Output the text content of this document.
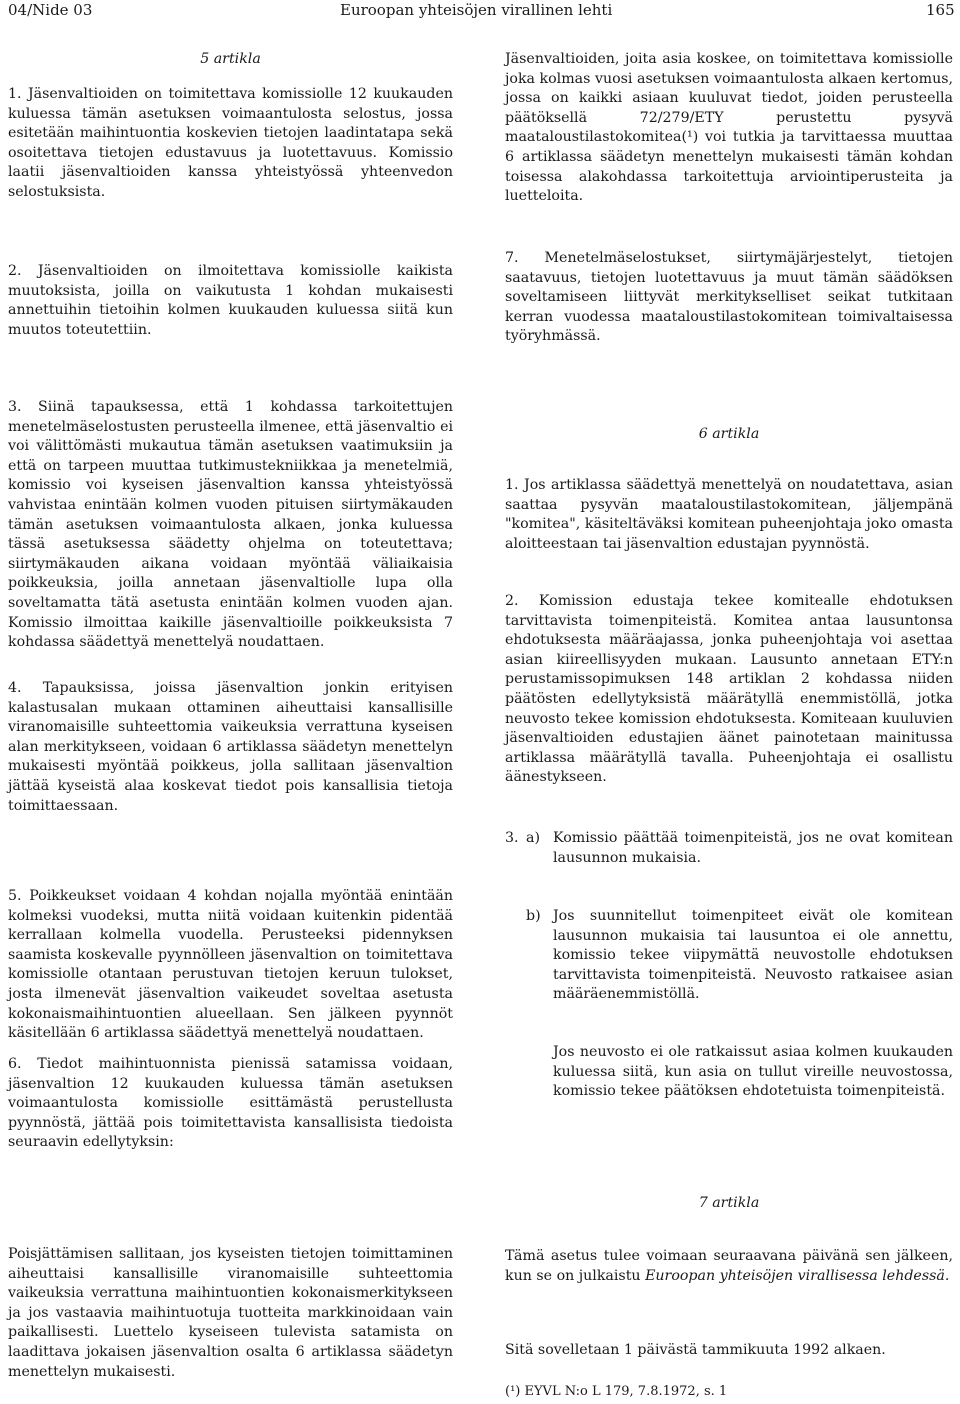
04/Nide 03	Euroopan yhteisöjen virallinen lehti	165

5 artikla

1. Jäsenvaltioiden on toimitettava komissiolle 12 kuukauden kuluessa tämän asetuksen voimaantulosta selostus, jossa esitetään maihintuontia koskevien tietojen laadintatapa sekä osoitettava tietojen edustavuus ja luotettavuus. Komissio laatii jäsenvaltioiden kanssa yhteistyössä yhteenvedon selostuksista.

2. Jäsenvaltioiden on ilmoitettava komissiolle kaikista muutoksista, joilla on vaikutusta 1 kohdan mukaisesti annettuihin tietoihin kolmen kuukauden kuluessa siitä kun muutos toteutettiin.

3. Siinä tapauksessa, että 1 kohdassa tarkoitettujen menetelmäselostusten perusteella ilmenee, että jäsenvaltio ei voi välittömästi mukautua tämän asetuksen vaatimuksiin ja että on tarpeen muuttaa tutkimustekniikkaa ja menetelmiä, komissio voi kyseisen jäsenvaltion kanssa yhteistyössä vahvistaa enintään kolmen vuoden pituisen siirtymäkauden tämän asetuksen voimaantulosta alkaen, jonka kuluessa tässä asetuksessa säädetty ohjelma on toteutettava; siirtymäkauden aikana voidaan myöntää väliaikaisia poikkeuksia, joilla annetaan jäsenvaltiolle lupa olla soveltamatta tätä asetusta enintään kolmen vuoden ajan. Komissio ilmoittaa kaikille jäsenvaltioille poikkeuksista 7 kohdassa säädettyä menettelyä noudattaen.

4. Tapauksissa, joissa jäsenvaltion jonkin erityisen kalastusalan mukaan ottaminen aiheuttaisi kansallisille viranomaisille suhteettomia vaikeuksia verrattuna kyseisen alan merkitykseen, voidaan 6 artiklassa säädetyn menettelyn mukaisesti myöntää poikkeus, jolla sallitaan jäsenvaltion jättää kyseistä alaa koskevat tiedot pois kansallisia tietoja toimittaessaan.

5. Poikkeukset voidaan 4 kohdan nojalla myöntää enintään kolmeksi vuodeksi, mutta niitä voidaan kuitenkin pidentää kerrallaan kolmella vuodella. Perusteeksi pidennyksen saamista koskevalle pyynnölleen jäsenvaltion on toimitettava komissiolle otantaan perustuvan tietojen keruun tulokset, josta ilmenevät jäsenvaltion vaikeudet soveltaa asetusta kokonaismaihintuontien alueellaan. Sen jälkeen pyynnöt käsitellään 6 artiklassa säädettyä menettelyä noudattaen.

6. Tiedot maihintuonnista pienissä satamissa voidaan, jäsenvaltion 12 kuukauden kuluessa tämän asetuksen voimaantulosta komissiolle esittämästä perustellusta pyynnöstä, jättää pois toimitettavista kansallisista tiedoista seuraavin edellytyksin:

Poisjättämisen sallitaan, jos kyseisten tietojen toimittaminen aiheuttaisi kansallisille viranomaisille suhteettomia vaikeuksia verrattuna maihintuontien kokonaismerkitykseen ja jos vastaavia maihintuotuja tuotteita markkinoidaan vain paikallisesti. Luettelo kyseiseen tulevista satamista on laadittava jokaisen jäsenvaltion osalta 6 artiklassa säädetyn menettelyn mukaisesti.

Jäsenvaltioiden, joita asia koskee, on toimitettava komissiolle joka kolmas vuosi asetuksen voimaantulosta alkaen kertomus, jossa on kaikki asiaan kuuluvat tiedot, joiden perusteella päätöksellä 72/279/ETY perustettu pysyvä maataloustilastokomitea(¹) voi tutkia ja tarvittaessa muuttaa 6 artiklassa säädetyn menettelyn mukaisesti tämän kohdan toisessa alakohdassa tarkoitettuja arviointiperusteita ja luetteloita.

7. Menetelmäselostukset, siirtymäjärjestelyt, tietojen saatavuus, tietojen luotettavuus ja muut tämän säädöksen soveltamiseen liittyvät merkitykselliset seikat tutkitaan kerran vuodessa maataloustilastokomitean toimivaltaisessa työryhmässä.

6 artikla

1. Jos artiklassa säädettyä menettelyä on noudatettava, asian saattaa pysyvän maataloustilastokomitean, jäljempänä "komitea", käsiteltäväksi komitean puheenjohtaja joko omasta aloitteestaan tai jäsenvaltion edustajan pyynnöstä.

2. Komission edustaja tekee komitealle ehdotuksen tarvittavista toimenpiteistä. Komitea antaa lausuntonsa ehdotuksesta määräajassa, jonka puheenjohtaja voi asettaa asian kiireellisyyden mukaan. Lausunto annetaan ETY:n perustamissopimuksen 148 artiklan 2 kohdassa niiden päätösten edellytyksistä määrätyllä enemmistöllä, jotka neuvosto tekee komission ehdotuksesta. Komiteaan kuuluvien jäsenvaltioiden edustajien äänet painotetaan mainitussa artiklassa määrätyllä tavalla. Puheenjohtaja ei osallistu äänestykseen.

3. a) Komissio päättää toimenpiteistä, jos ne ovat komitean lausunnon mukaisia.

b) Jos suunnitellut toimenpiteet eivät ole komitean lausunnon mukaisia tai lausuntoa ei ole annettu, komissio tekee viipymättä neuvostolle ehdotuksen tarvittavista toimenpiteistä. Neuvosto ratkaisee asian määräenemmistöllä.

Jos neuvosto ei ole ratkaissut asiaa kolmen kuukauden kuluessa siitä, kun asia on tullut vireille neuvostossa, komissio tekee päätöksen ehdotetuista toimenpiteistä.

7 artikla

Tämä asetus tulee voimaan seuraavana päivänä sen jälkeen, kun se on julkaistu Euroopan yhteisöjen virallisessa lehdessä.

Sitä sovelletaan 1 päivästä tammikuuta 1992 alkaen.

(¹) EYVL N:o L 179, 7.8.1972, s. 1
